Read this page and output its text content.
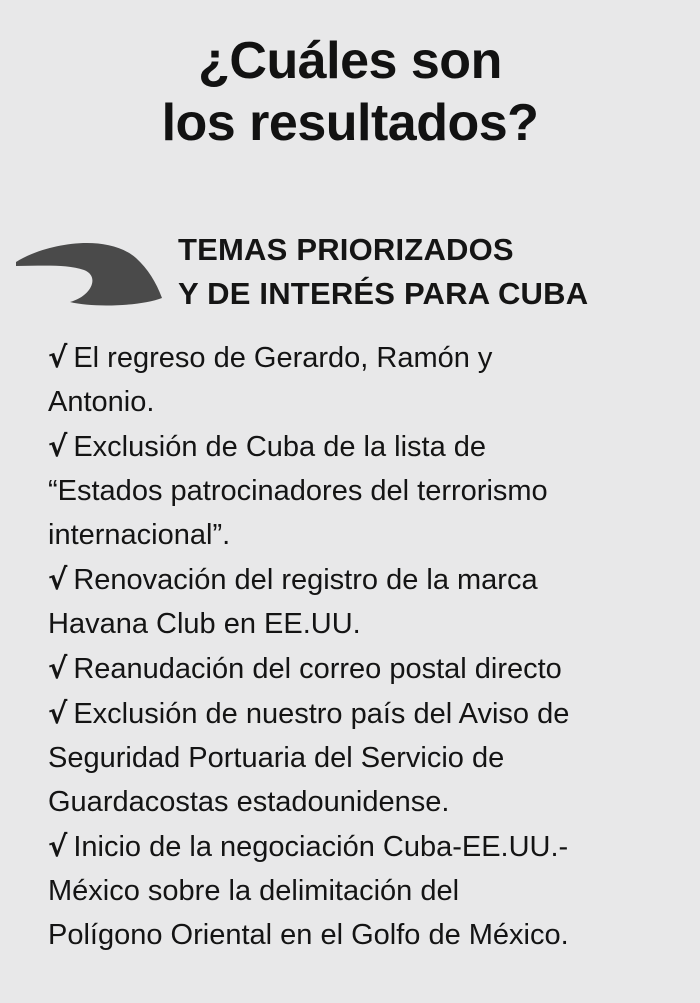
¿Cuáles son
los resultados?
TEMAS PRIORIZADOS
Y DE INTERÉS PARA CUBA
√ El regreso de Gerardo, Ramón y
Antonio.
√ Exclusión de Cuba de la lista de
“Estados patrocinadores del terrorismo
internacional”.
√ Renovación del registro de la marca
Havana Club en EE.UU.
√ Reanudación del correo postal directo
√ Exclusión de nuestro país del Aviso de
Seguridad Portuaria del Servicio de
Guardacostas estadounidense.
√ Inicio de la negociación Cuba-EE.UU.-
México sobre la delimitación del
Polígono Oriental en el Golfo de México.
